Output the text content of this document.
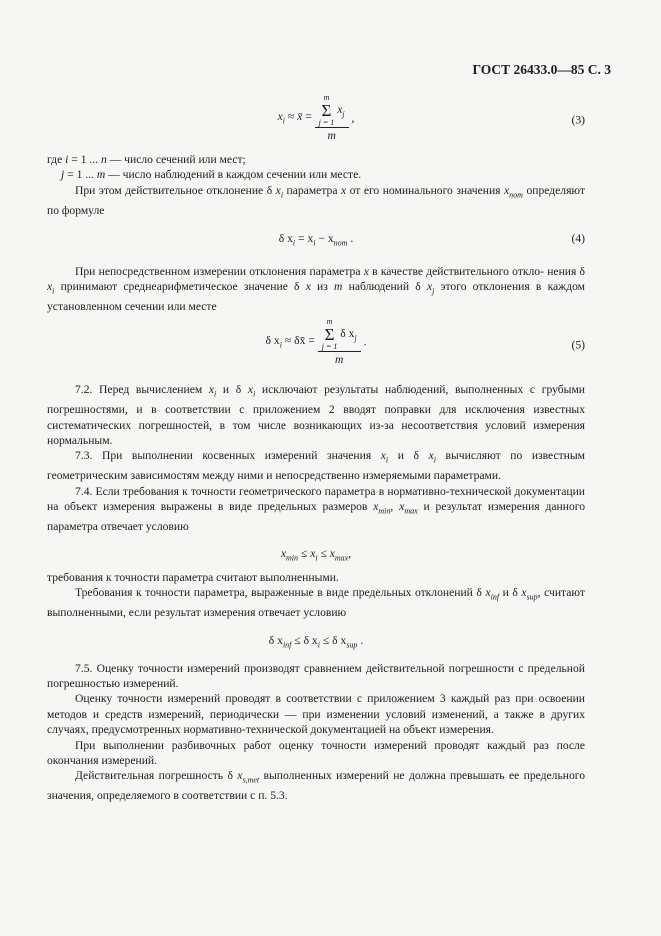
ГОСТ 26433.0—85 С. 3
$x_i$ ≈ x̄ = m
Σ
j = 1
$x_j$
m ,	(3)

где i = 1 ... n — число сечений или мест;

j = 1 ... m — число наблюдений в каждом сечении или месте.

При этом действительное отклонение δ $x_i$ параметра x от его номинального значения $x_{nom}$ определяют по формуле

δ $x_i = x_i - x_{nom}$ .	(4)

При непосредственном измерении отклонения параметра x в качестве действительного откло- нения δ $x_i$ принимают среднеарифметическое значение δ x из m наблюдений δ $x_j$ этого отклонения в каждом установленном сечении или месте

δ $x_i$ ≈ δx̄ = m
Σ
j = 1
δ $x_j$
m .	(5)

7.2. Перед вычислением $x_i$ и δ $x_i$ исключают результаты наблюдений, выполненных с грубыми погрешностями, и в соответствии с приложением 2 вводят поправки для исключения известных систематических погрешностей, в том числе возникающих из-за несоответствия условий измерения нормальным.

7.3. При выполнении косвенных измерений значения $x_i$ и δ $x_i$ вычисляют по известным геометрическим зависимостям между ними и непосредственно измеряемыми параметрами.

7.4. Если требования к точности геометрического параметра в нормативно-технической документации на объект измерения выражены в виде предельных размеров $x_{min}$, $x_{max}$ и результат измерения данного параметра отвечает условию

$x_{min} \le x_i \le x_{max}$,

требования к точности параметра считают выполненными.

Требования к точности параметра, выраженные в виде предельных отклонений δ $x_{inf}$ и δ $x_{sup}$, считают выполненными, если результат измерения отвечает условию

δ $x_{inf} \le \delta$ $x_i \le \delta$ $x_{sup}$ .

7.5. Оценку точности измерений производят сравнением действительной погрешности с предельной погрешностью измерений.

Оценку точности измерений проводят в соответствии с приложением 3 каждый раз при освоении методов и средств измерений, периодически — при изменении условий изменений, а также в других случаях, предусмотренных нормативно-технической документацией на объект измерения.

При выполнении разбивочных работ оценку точности измерений проводят каждый раз после окончания измерений.

Действительная погрешность δ $x_{s,met}$ выполненных измерений не должна превышать ее предельного значения, определяемого в соответствии с п. 5.3.
